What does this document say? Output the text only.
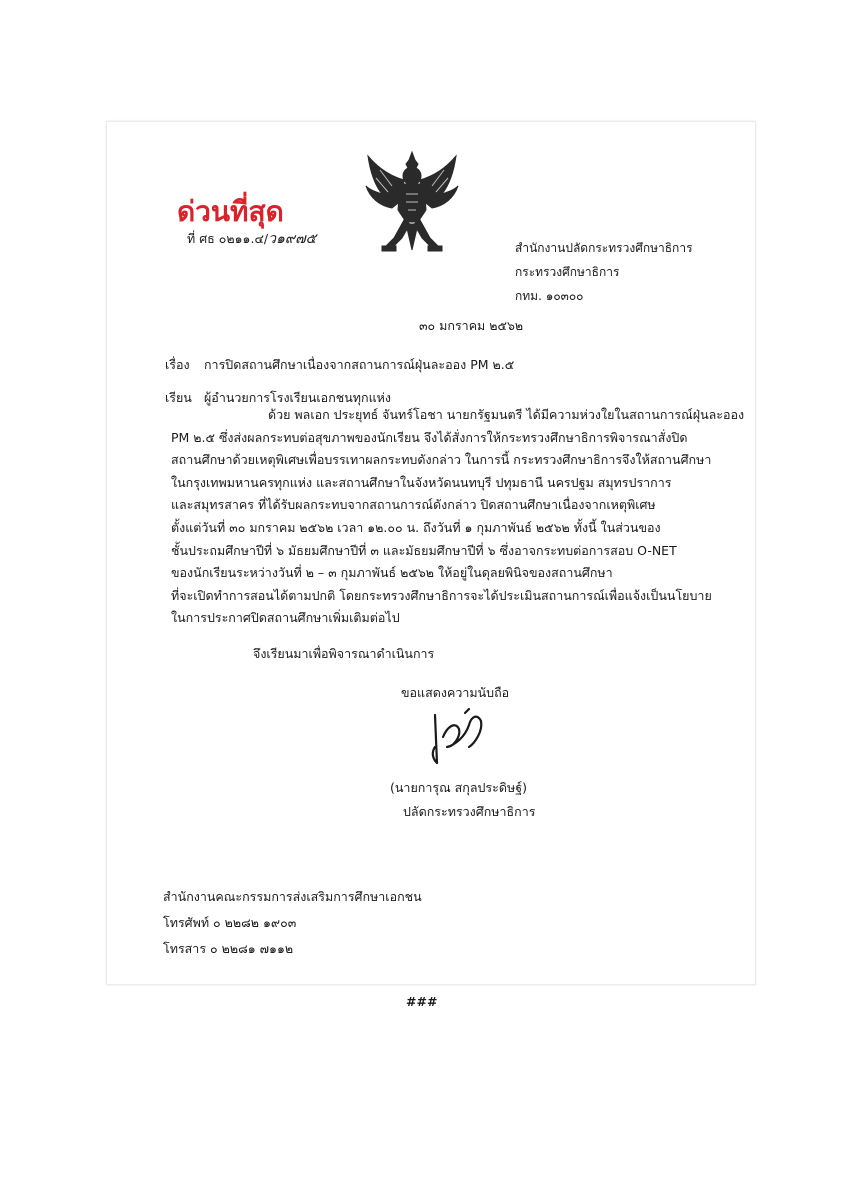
ด่วนที่สุด
ที่ ศธ ๐๒๑๑.๔/ว๑๙๗๕
สำนักงานปลัดกระทรวงศึกษาธิการ
กระทรวงศึกษาธิการ
กทม. ๑๐๓๐๐
๓๐ มกราคม ๒๕๖๒
เรื่อง การปิดสถานศึกษาเนื่องจากสถานการณ์ฝุ่นละออง PM ๒.๕
เรียน ผู้อำนวยการโรงเรียนเอกชนทุกแห่ง
ด้วย พลเอก ประยุทธ์ จันทร์โอชา นายกรัฐมนตรี ได้มีความห่วงใยในสถานการณ์ฝุ่นละออง
PM ๒.๕ ซึ่งส่งผลกระทบต่อสุขภาพของนักเรียน จึงได้สั่งการให้กระทรวงศึกษาธิการพิจารณาสั่งปิด
สถานศึกษาด้วยเหตุพิเศษเพื่อบรรเทาผลกระทบดังกล่าว ในการนี้ กระทรวงศึกษาธิการจึงให้สถานศึกษา
ในกรุงเทพมหานครทุกแห่ง และสถานศึกษาในจังหวัดนนทบุรี ปทุมธานี นครปฐม สมุทรปราการ
และสมุทรสาคร ที่ได้รับผลกระทบจากสถานการณ์ดังกล่าว ปิดสถานศึกษาเนื่องจากเหตุพิเศษ
ตั้งแต่วันที่ ๓๐ มกราคม ๒๕๖๒ เวลา ๑๒.๐๐ น. ถึงวันที่ ๑ กุมภาพันธ์ ๒๕๖๒ ทั้งนี้ ในส่วนของ
ชั้นประถมศึกษาปีที่ ๖ มัธยมศึกษาปีที่ ๓ และมัธยมศึกษาปีที่ ๖ ซึ่งอาจกระทบต่อการสอบ O-NET
ของนักเรียนระหว่างวันที่ ๒ – ๓ กุมภาพันธ์ ๒๕๖๒ ให้อยู่ในดุลยพินิจของสถานศึกษา
ที่จะเปิดทำการสอนได้ตามปกติ โดยกระทรวงศึกษาธิการจะได้ประเมินสถานการณ์เพื่อแจ้งเป็นนโยบาย
ในการประกาศปิดสถานศึกษาเพิ่มเติมต่อไป
จึงเรียนมาเพื่อพิจารณาดำเนินการ
ขอแสดงความนับถือ
(นายการุณ สกุลประดิษฐ์)
ปลัดกระทรวงศึกษาธิการ
สำนักงานคณะกรรมการส่งเสริมการศึกษาเอกชน
โทรศัพท์ ๐ ๒๒๘๒ ๑๙๐๓
โทรสาร ๐ ๒๒๘๑ ๗๑๑๒
###
